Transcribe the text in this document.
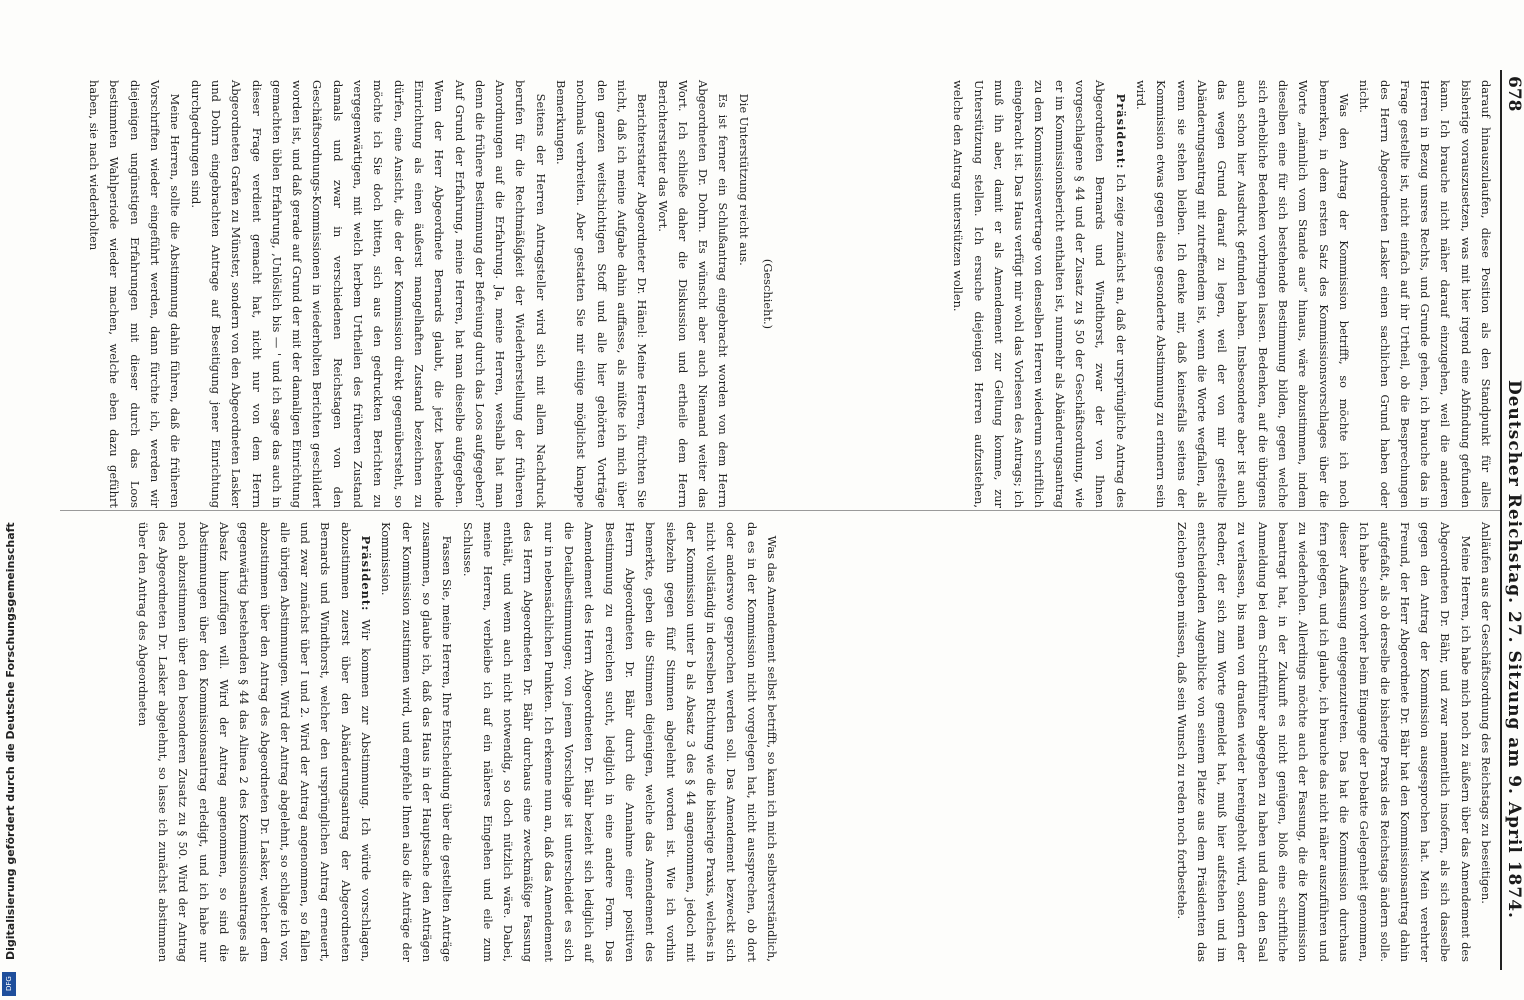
678
Deutscher Reichstag. 27. Sitzung am 9. April 1874.

darauf hinauszulaufen, diese Position als den Standpunkt für alles bisherige vorauszusetzen, was mit hier irgend eine Abfindung gefunden kann. Ich brauche nicht näher darauf einzugehen, weil die anderen Herren in Bezug unsres Rechts, und Grunde gehen, ich brauche das in Frage gestellte ist, nicht einfach auf ihr Urtheil, ob die Besprechungen des Herrn Abgeordneten Lasker einen sachlichen Grund haben oder nicht.

Was den Antrag der Kommission betrifft, so möchte ich noch bemerken, in dem ersten Satz des Kommissionsvorschlages über die Worte „männlich vom Stande aus“ hinaus, wäre abzustimmen, indem dieselben eine für sich bestehende Bestimmung bilden, gegen welche sich erhebliche Bedenken vorbringen lassen. Bedenken, auf die übrigens auch schon hier Ausdruck gefunden haben. Insbesondere aber ist auch das wegen Grund darauf zu legen, weil der von mir gestellte Abänderungsantrag mit zutreffendem ist, wenn die Worte wegfallen, als wenn sie stehen bleiben. Ich denke mir, daß keinesfalls seitens der Kommission etwas gegen diese gesonderte Abstimmung zu erinnern sein wird.

Präsident: Ich zeige zunächst an, daß der ursprüngliche Antrag des Abgeordneten Bernards und Windthorst, zwar der von Ihnen vorgeschlagene § 44 und der Zusatz zu § 50 der Geschäftsordnung, wie er im Kommissionsbericht enthalten ist, nunmehr als Abänderungsantrag zu dem Kommissionsvertrage von denselben Herren wiederum schriftlich eingebracht ist. Das Haus verfügt mir wohl das Vorlesen des Antrags; ich muß ihn aber, damit er als Amendement zur Geltung komme, zur Unterstützung stellen. Ich ersuche diejenigen Herren aufzustehen, welche den Antrag unterstützen wollen.

(Geschieht.)

Die Unterstützung reicht aus.

Es ist ferner ein Schlußantrag eingebracht worden von dem Herrn Abgeordneten Dr. Dohrn. Es wünscht aber auch Niemand weiter das Wort. Ich schließe daher die Diskussion und ertheile dem Herrn Berichterstatter das Wort.

Berichterstatter Abgeordneter Dr. Hänel: Meine Herren, fürchten Sie nicht, daß ich meine Aufgabe dahin auffasse, als müßte ich mich über den ganzen weitschichtigen Stoff und alle hier gehörten Vorträge nochmals verbreiten. Aber gestatten Sie mir einige möglichst knappe Bemerkungen.

Seitens der Herren Antragsteller wird sich mit allem Nachdruck berufen für die Rechtmäßigkeit der Wiederherstellung der früheren Anordnungen auf die Erfahrung. Ja, meine Herren, weshalb hat man denn die frühere Bestimmung der Befreiung durch das Loos aufgegeben? Auf Grund der Erfahrung, meine Herren, hat man dieselbe aufgegeben. Wenn der Herr Abgeordnete Bernards glaubt, die jetzt bestehende Einrichtung als einen äußerst mangelhaften Zustand bezeichnen zu dürfen, eine Ansicht, die der der Kommission direkt gegenübersteht, so möchte ich Sie doch bitten, sich aus den gedruckten Berichten zu vergegenwärtigen, mit welch herbem Urtheilen des früheren Zustand damals und zwar in verschiedenen Reichstagen von den Geschäftsordnungs-Kommissionen in wiederholten Berichten geschildert worden ist, und daß gerade auf Grund der mit der damaligen Einrichtung gemachten üblen Erfahrung, ‚Unlöslich bis — ' und ich sage das auch in dieser Frage verdient gemacht hat, nicht nur von dem Herrn Abgeordneten Grafen zu Münster, sondern von den Abgeordneten Lasker und Dohrn eingebrachten Antrage auf Beseitigung jener Einrichtung durchgedrungen sind.

Meine Herren, sollte die Abstimmung dahin führen, daß die früheren Vorschriften wieder eingeführt werden, dann fürchte ich, werden wir diejenigen ungünstigen Erfahrungen mit dieser durch das Loos bestimmten Wahlperiode wieder machen, welche eben dazu geführt haben, sie nach wiederholten

Anläufen aus der Geschäftsordnung des Reichstags zu beseitigen.

Meine Herren, ich habe mich noch zu äußern über das Amendement des Abgeordneten Dr. Bähr, und zwar namentlich insofern, als sich dasselbe gegen den Antrag der Kommission ausgesprochen hat. Mein verehrter Freund, der Herr Abgeordnete Dr. Bähr hat den Kommissionsantrag dahin aufgefaßt, als ob derselbe die bisherige Praxis des Reichstags ändern solle. Ich habe schon vorher beim Eingange der Debatte Gelegenheit genommen, dieser Auffassung entgegenzutreten. Das hat die Kommission durchaus fern gelegen, und ich glaube, ich brauche das nicht näher auszuführen und zu wiederholen. Allerdings möchte auch der Fassung, die die Kommission beantragt hat, in der Zukunft es nicht genügen, bloß eine schriftliche Anmeldung bei dem Schriftführer abgegeben zu haben und dann den Saal zu verlassen, bis man von draußen wieder hereingeholt wird, sondern der Redner, der sich zum Worte gemeldet hat, muß hier aufstehen und im entscheidenden Augenblicke von seinem Platze aus dem Präsidenten das Zeichen geben müssen, daß sein Wunsch zu reden noch fortbestehe.

Was das Amendement selbst betrifft, so kann ich mich selbstverständlich, da es in der Kommission nicht vorgelegen hat, nicht aussprechen, ob dort oder anderswo gesprochen werden soll. Das Amendement bezweckt sich nicht vollständig in derselben Richtung wie die bisherige Praxis, welches in der Kommission unter b als Absatz 3 des § 44 angenommen, jedoch mit siebzehn gegen fünf Stimmen abgelehnt worden ist. Wie ich vorhin bemerkte, geben die Stimmen diejenigen, welche das Amendement des Herrn Abgeordneten Dr. Bähr durch die Annahme einer positiven Bestimmung zu erreichen sucht, lediglich in eine andere Form. Das Amendement des Herrn Abgeordneten Dr. Bähr bezieht sich lediglich auf die Detailbestimmungen; von jenem Vorschlage ist unterscheidet es sich nur in nebensächlichen Punkten. Ich erkenne nun an, daß das Amendement des Herrn Abgeordneten Dr. Bähr durchaus eine zweckmäßige Fassung enthält, und wenn auch nicht notwendig, so doch nützlich wäre. Dabei, meine Herren, verbleibe ich auf ein näheres Eingehen und eile zum Schlusse.

Fassen Sie, meine Herren, Ihre Entscheidung über die gestellten Anträge zusammen, so glaube ich, daß das Haus in der Hauptsache den Anträgen der Kommission zustimmen wird, und empfehle Ihnen also die Anträge der Kommission.

Präsident: Wir kommen zur Abstimmung. Ich würde vorschlagen, abzustimmen zuerst über den Abänderungsantrag der Abgeordneten Bernards und Windthorst, welcher den ursprünglichen Antrag erneuert, und zwar zunächst über I und 2. Wird der Antrag angenommen, so fallen alle übrigen Abstimmungen. Wird der Antrag abgelehnt, so schlage ich vor, abzustimmen über den Antrag des Abgeordneten Dr. Lasker, welcher dem gegenwärtig bestehenden § 44 das Alinea 2 des Kommissionsantrages als Absatz hinzufügen will. Wird der Antrag angenommen, so sind die Abstimmungen über den Kommissionsantrag erledigt, und ich habe nur noch abzustimmen über den besonderen Zusatz zu § 50. Wird der Antrag des Abgeordneten Dr. Lasker abgelehnt, so lasse ich zunächst abstimmen über den Antrag des Abgeordneten

Digitalisierung gefördert durch die Deutsche Forschungsgemeinschaft
DFG
